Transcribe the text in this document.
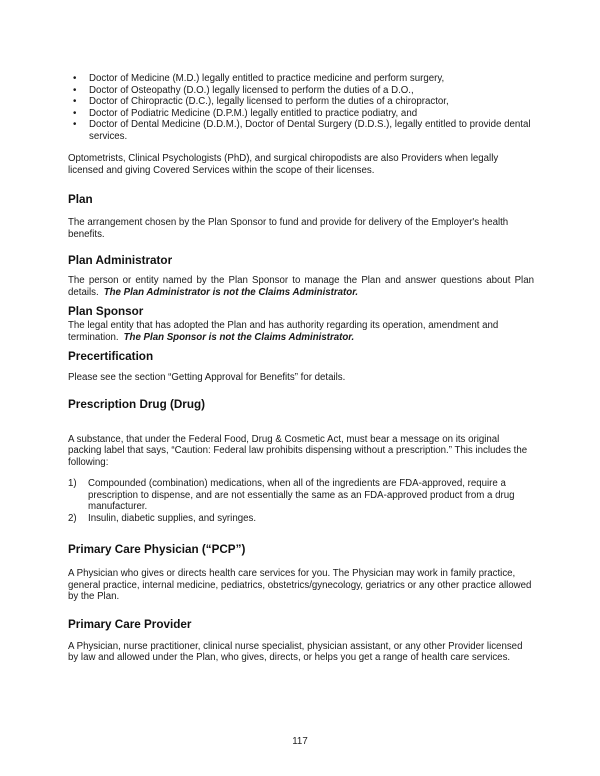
•	Doctor of Medicine (M.D.) legally entitled to practice medicine and perform surgery,
•	Doctor of Osteopathy (D.O.) legally licensed to perform the duties of a D.O.,
•	Doctor of Chiropractic (D.C.), legally licensed to perform the duties of a chiropractor,
•	Doctor of Podiatric Medicine (D.P.M.) legally entitled to practice podiatry, and
•	Doctor of Dental Medicine (D.D.M.), Doctor of Dental Surgery (D.D.S.), legally entitled to provide dental services.

Optometrists, Clinical Psychologists (PhD), and surgical chiropodists are also Providers when legally licensed and giving Covered Services within the scope of their licenses.

Plan

The arrangement chosen by the Plan Sponsor to fund and provide for delivery of the Employer's health benefits.

Plan Administrator

The person or entity named by the Plan Sponsor to manage the Plan and answer questions about Plan details. The Plan Administrator is not the Claims Administrator.

Plan Sponsor

The legal entity that has adopted the Plan and has authority regarding its operation, amendment and termination. The Plan Sponsor is not the Claims Administrator.

Precertification

Please see the section “Getting Approval for Benefits” for details.

Prescription Drug (Drug)

A substance, that under the Federal Food, Drug & Cosmetic Act, must bear a message on its original packing label that says, “Caution: Federal law prohibits dispensing without a prescription.” This includes the following:

1)	Compounded (combination) medications, when all of the ingredients are FDA-approved, require a prescription to dispense, and are not essentially the same as an FDA-approved product from a drug manufacturer.
2)	Insulin, diabetic supplies, and syringes.
Primary Care Physician (“PCP”)

A Physician who gives or directs health care services for you. The Physician may work in family practice, general practice, internal medicine, pediatrics, obstetrics/gynecology, geriatrics or any other practice allowed by the Plan.

Primary Care Provider

A Physician, nurse practitioner, clinical nurse specialist, physician assistant, or any other Provider licensed by law and allowed under the Plan, who gives, directs, or helps you get a range of health care services.

117
